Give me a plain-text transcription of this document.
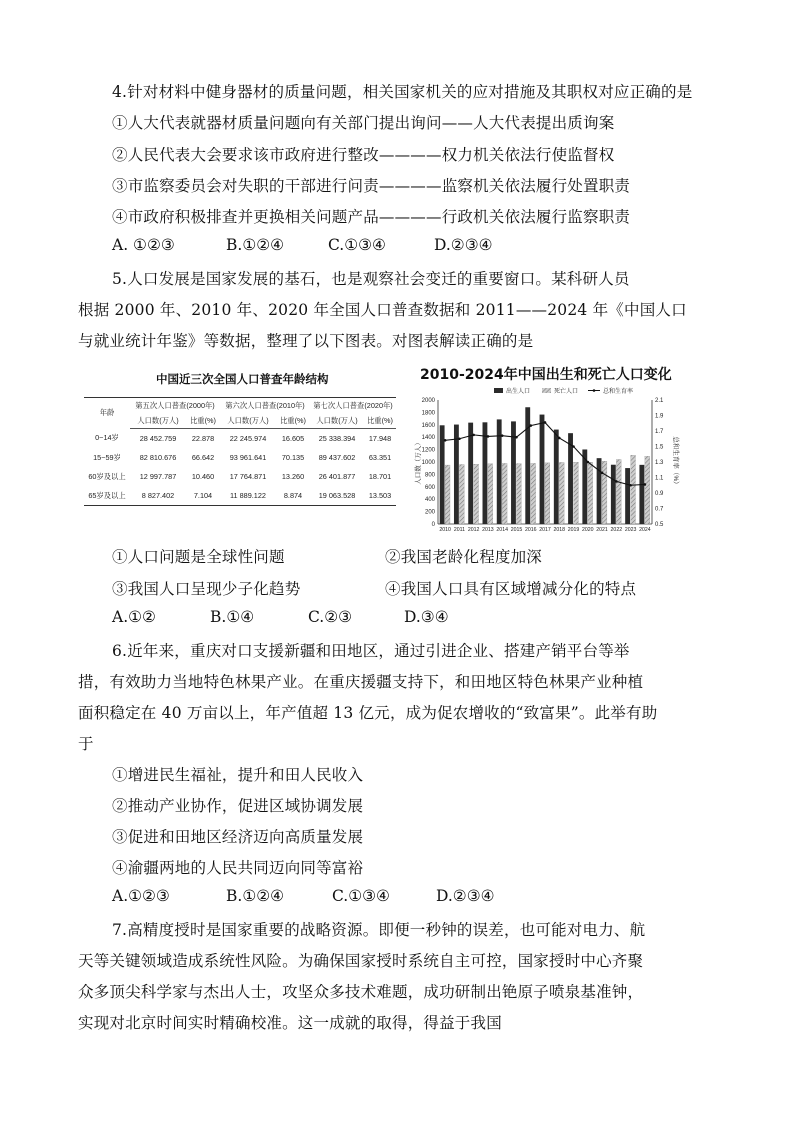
4.针对材料中健身器材的质量问题，相关国家机关的应对措施及其职权对应正确的是
①人大代表就器材质量问题向有关部门提出询问——人大代表提出质询案
②人民代表大会要求该市政府进行整改————权力机关依法行使监督权
③市监察委员会对失职的干部进行问责————监察机关依法履行处置职责
④市政府积极排查并更换相关问题产品————行政机关依法履行监察职责
A. ①②③	B.①②④	C.①③④	D.②③④
5.人口发展是国家发展的基石，也是观察社会变迁的重要窗口。某科研人员
根据 2000 年、2010 年、2020 年全国人口普查数据和 2011——2024 年《中国人口
与就业统计年鉴》等数据，整理了以下图表。对图表解读正确的是
中国近三次全国人口普查年龄结构
年龄	第五次人口普查(2000年)		第六次人口普查(2010年)		第七次人口普查(2020年)	
	人口数(万人)	比重(%)	人口数(万人)	比重(%)	人口数(万人)	比重(%)
0~14岁	28 452.759	22.878	22 245.974	16.605	25 338.394	17.948
15~59岁	82 810.676	66.642	93 961.641	70.135	89 437.602	63.351
60岁及以上	12 997.787	10.460	17 764.871	13.260	26 401.877	18.701
65岁及以上	8 827.402	7.104	11 889.122	8.874	19 063.528	13.503
2010-2024年中国出生和死亡人口变化
0
200
400
600
800
1000
1200
1400
1600
1800
2000
0.5
0.7
0.9
1.1
1.3
1.5
1.7
1.9
2.1
人口数（万人）	总和生育率（%）
2010 2011 2012 2013 2014 2015 2016 2017 2018 2019 2020 2021 2022 2023 2024
出生人口	死亡人口	总和生育率
①人口问题是全球性问题	②我国老龄化程度加深
③我国人口呈现少子化趋势	④我国人口具有区域增减分化的特点
A.①②	B.①④	C.②③	D.③④
6.近年来，重庆对口支援新疆和田地区，通过引进企业、搭建产销平台等举
措，有效助力当地特色林果产业。在重庆援疆支持下，和田地区特色林果产业种植
面积稳定在 40 万亩以上，年产值超 13 亿元，成为促农增收的“致富果”。此举有助
于
①增进民生福祉，提升和田人民收入
②推动产业协作，促进区域协调发展
③促进和田地区经济迈向高质量发展
④渝疆两地的人民共同迈向同等富裕
A.①②③	B.①②④	C.①③④	D.②③④
7.高精度授时是国家重要的战略资源。即便一秒钟的误差，也可能对电力、航
天等关键领域造成系统性风险。为确保国家授时系统自主可控，国家授时中心齐聚
众多顶尖科学家与杰出人士，攻坚众多技术难题，成功研制出铯原子喷泉基准钟，
实现对北京时间实时精确校准。这一成就的取得，得益于我国
